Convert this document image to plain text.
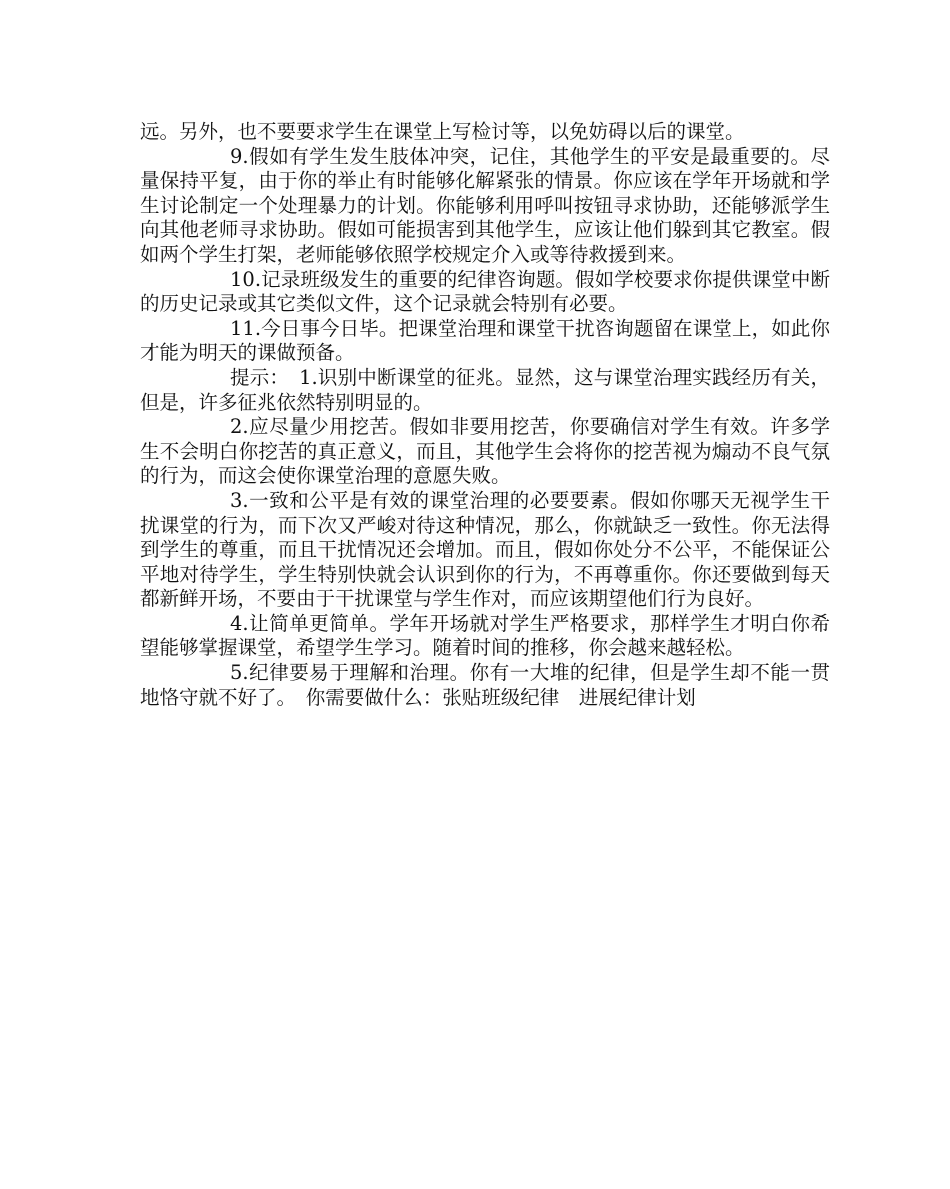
远。另外，也不要要求学生在课堂上写检讨等，以免妨碍以后的课堂。

9.假如有学生发生肢体冲突，记住，其他学生的平安是最重要的。尽量保持平复，由于你的举止有时能够化解紧张的情景。你应该在学年开场就和学生讨论制定一个处理暴力的计划。你能够利用呼叫按钮寻求协助，还能够派学生向其他老师寻求协助。假如可能损害到其他学生，应该让他们躲到其它教室。假如两个学生打架，老师能够依照学校规定介入或等待救援到来。

10.记录班级发生的重要的纪律咨询题。假如学校要求你提供课堂中断的历史记录或其它类似文件，这个记录就会特别有必要。

11.今日事今日毕。把课堂治理和课堂干扰咨询题留在课堂上，如此你才能为明天的课做预备。

提示：　1.识别中断课堂的征兆。显然，这与课堂治理实践经历有关，但是，许多征兆依然特别明显的。

2.应尽量少用挖苦。假如非要用挖苦，你要确信对学生有效。许多学生不会明白你挖苦的真正意义，而且，其他学生会将你的挖苦视为煽动不良气氛的行为，而这会使你课堂治理的意愿失败。

3.一致和公平是有效的课堂治理的必要要素。假如你哪天无视学生干扰课堂的行为，而下次又严峻对待这种情况，那么，你就缺乏一致性。你无法得到学生的尊重，而且干扰情况还会增加。而且，假如你处分不公平，不能保证公平地对待学生，学生特别快就会认识到你的行为，不再尊重你。你还要做到每天都新鲜开场，不要由于干扰课堂与学生作对，而应该期望他们行为良好。

4.让简单更简单。学年开场就对学生严格要求，那样学生才明白你希望能够掌握课堂，希望学生学习。随着时间的推移，你会越来越轻松。

5.纪律要易于理解和治理。你有一大堆的纪律，但是学生却不能一贯地恪守就不好了。　你需要做什么：张贴班级纪律　进展纪律计划
